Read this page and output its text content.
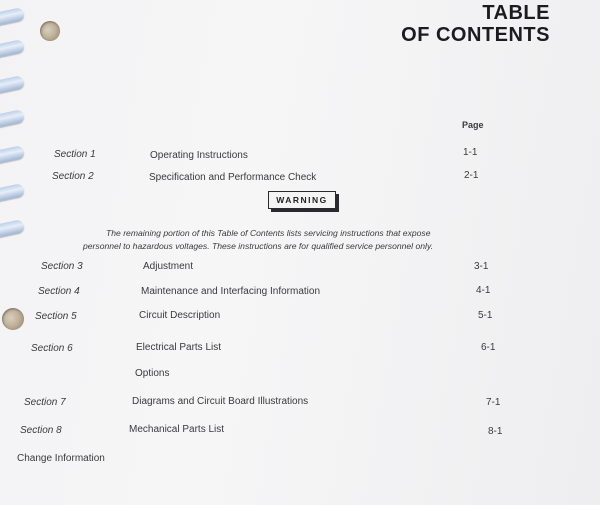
TABLE
OF CONTENTS
Page
Section 1	Operating Instructions	1-1
Section 2	Specification and Performance Check	2-1
WARNING
The remaining portion of this Table of Contents lists servicing instructions that expose
personnel to hazardous voltages. These instructions are for qualified service personnel only.
Section 3	Adjustment	3-1
Section 4	Maintenance and Interfacing Information	4-1
Section 5	Circuit Description	5-1
Section 6	Electrical Parts List	6-1
Options
Section 7	Diagrams and Circuit Board Illustrations	7-1
Section 8	Mechanical Parts List	8-1
Change Information
